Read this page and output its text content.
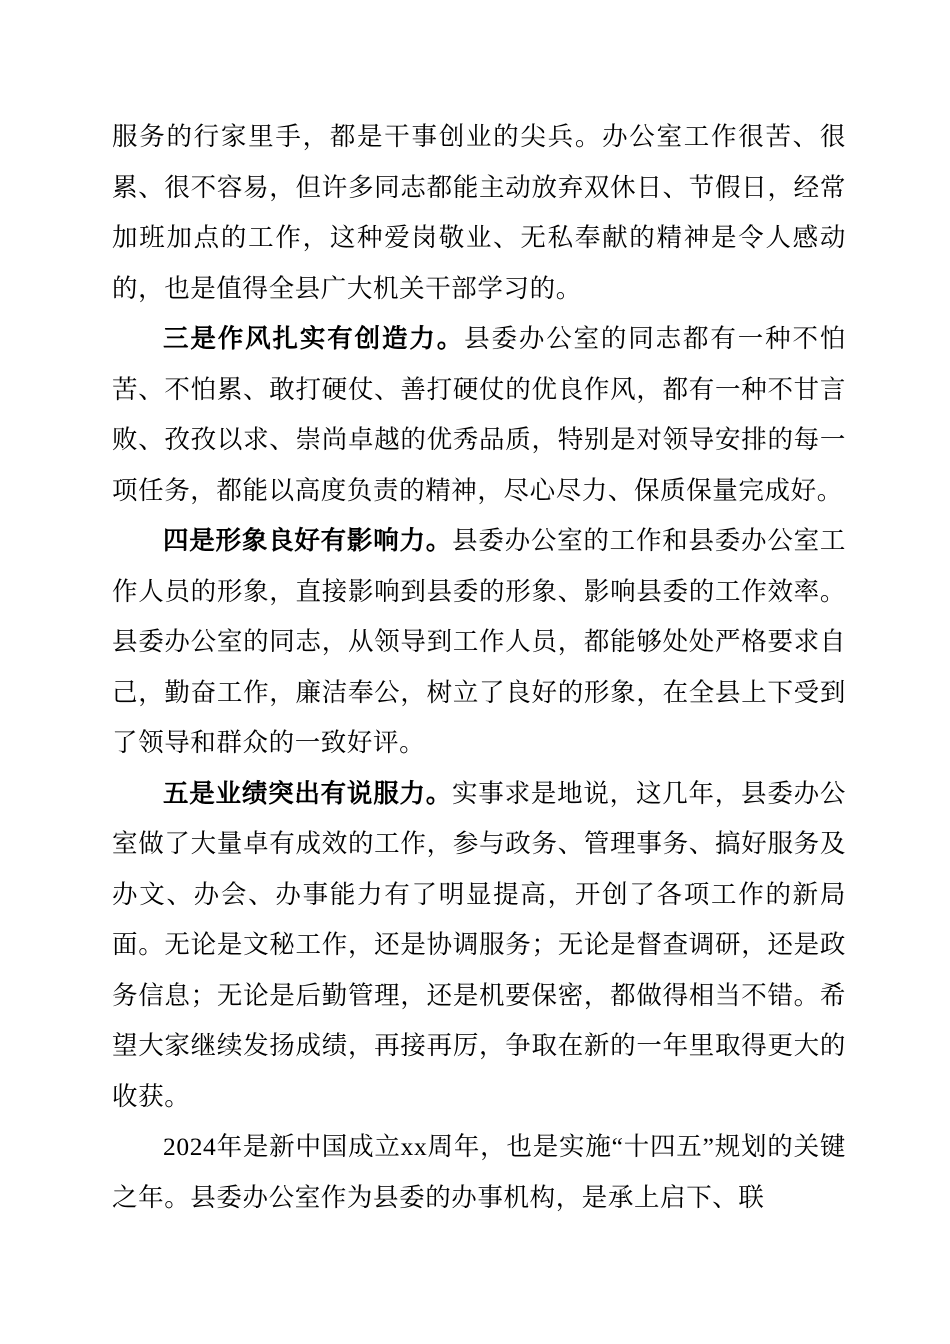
服务的行家里手，都是干事创业的尖兵。办公室工作很苦、很累、很不容易，但许多同志都能主动放弃双休日、节假日，经常加班加点的工作，这种爱岗敬业、无私奉献的精神是令人感动的，也是值得全县广大机关干部学习的。

三是作风扎实有创造力。县委办公室的同志都有一种不怕苦、不怕累、敢打硬仗、善打硬仗的优良作风，都有一种不甘言败、孜孜以求、崇尚卓越的优秀品质，特别是对领导安排的每一项任务，都能以高度负责的精神，尽心尽力、保质保量完成好。

四是形象良好有影响力。县委办公室的工作和县委办公室工作人员的形象，直接影响到县委的形象、影响县委的工作效率。县委办公室的同志，从领导到工作人员，都能够处处严格要求自己，勤奋工作，廉洁奉公，树立了良好的形象，在全县上下受到了领导和群众的一致好评。

五是业绩突出有说服力。实事求是地说，这几年，县委办公室做了大量卓有成效的工作，参与政务、管理事务、搞好服务及办文、办会、办事能力有了明显提高，开创了各项工作的新局面。无论是文秘工作，还是协调服务；无论是督查调研，还是政务信息；无论是后勤管理，还是机要保密，都做得相当不错。希望大家继续发扬成绩，再接再厉，争取在新的一年里取得更大的收获。

2024年是新中国成立xx周年，也是实施“十四五”规划的关键之年。县委办公室作为县委的办事机构，是承上启下、联
